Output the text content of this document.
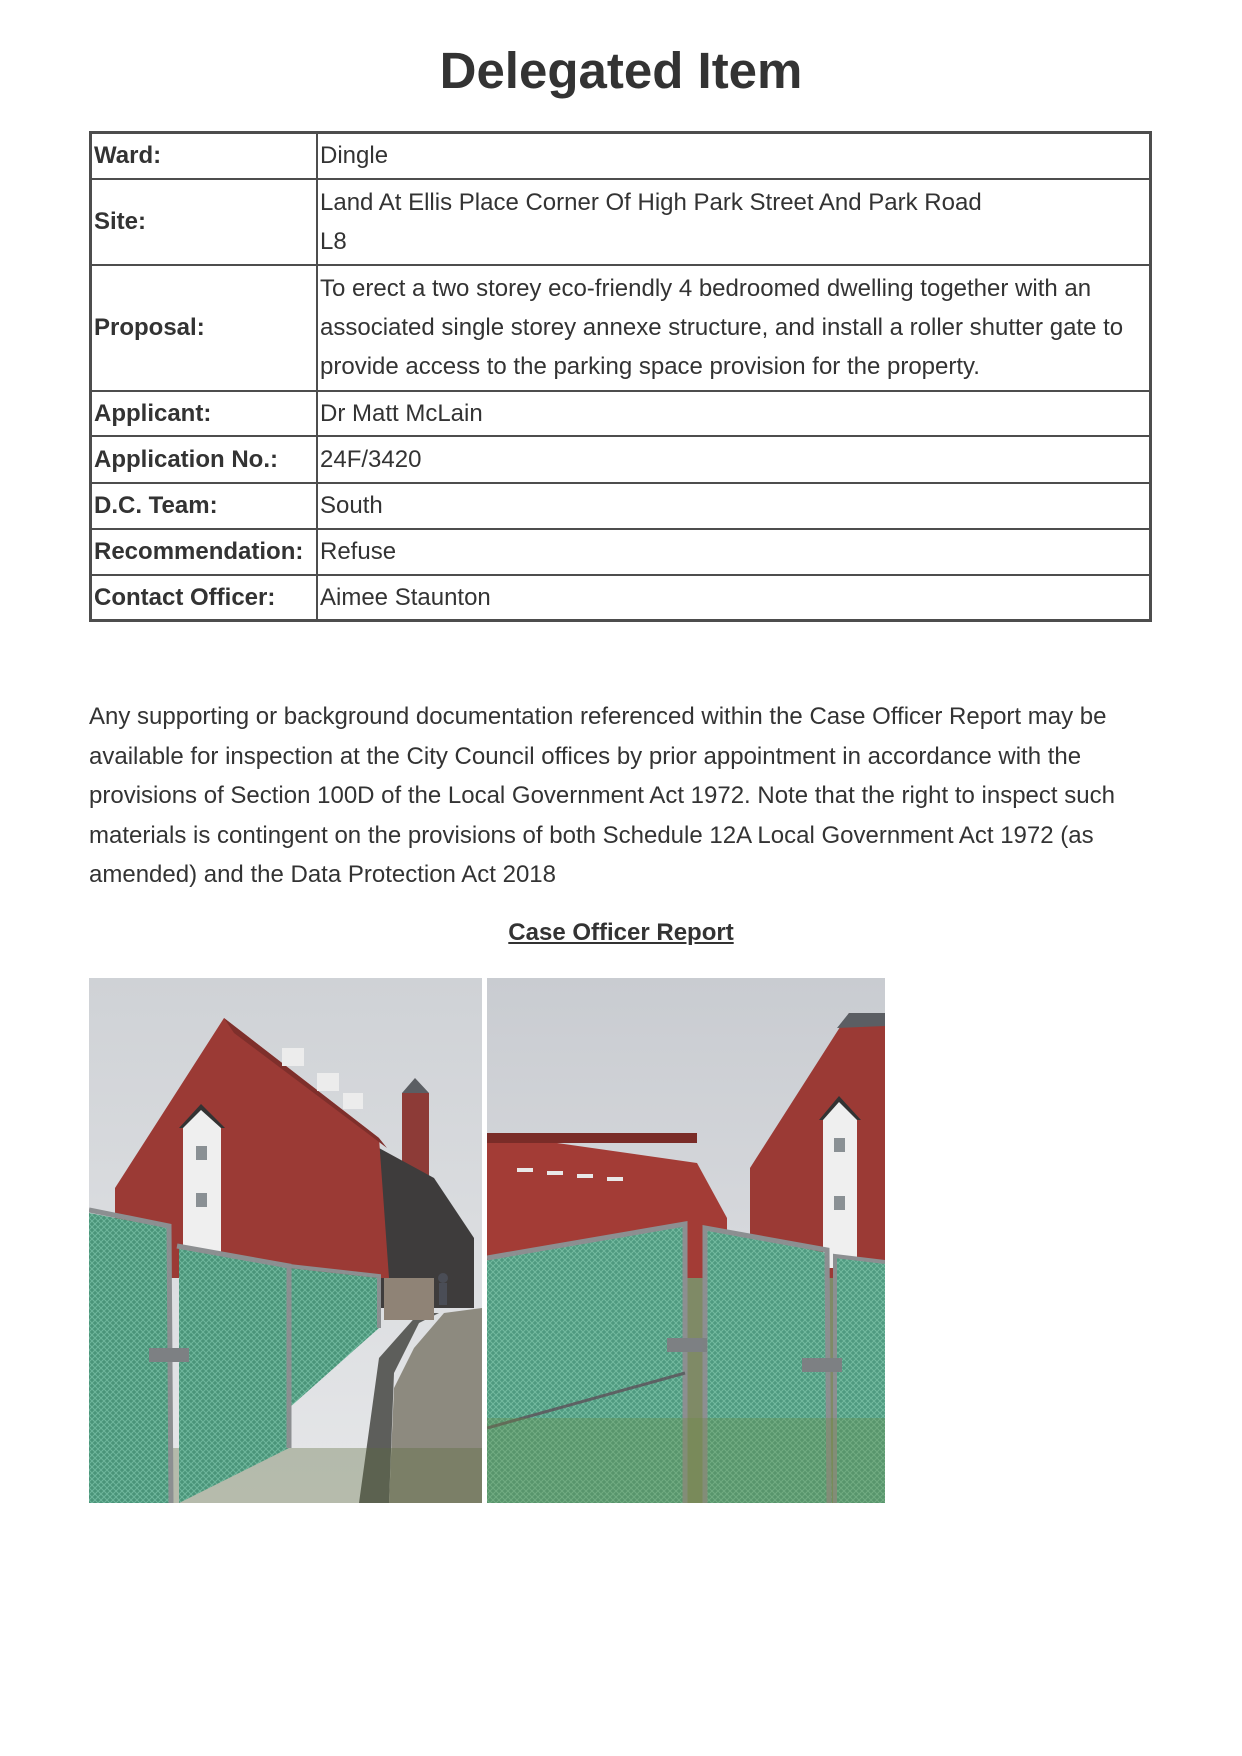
Delegated Item
Ward:	Dingle
Site:	Land At Ellis Place Corner Of High Park Street And Park Road
L8

Proposal:	To erect a two storey eco-friendly 4 bedroomed dwelling together with an associated single storey annexe structure, and install a roller shutter gate to provide access to the parking space provision for the property.
Applicant:	Dr Matt McLain
Application No.:	24F/3420
D.C. Team:	South
Recommendation:	Refuse
Contact Officer:	Aimee Staunton

Any supporting or background documentation referenced within the Case Officer Report may be available for inspection at the City Council offices by prior appointment in accordance with the provisions of Section 100D of the Local Government Act 1972. Note that the right to inspect such materials is contingent on the provisions of both Schedule 12A Local Government Act 1972 (as amended) and the Data Protection Act 2018

Case Officer Report
